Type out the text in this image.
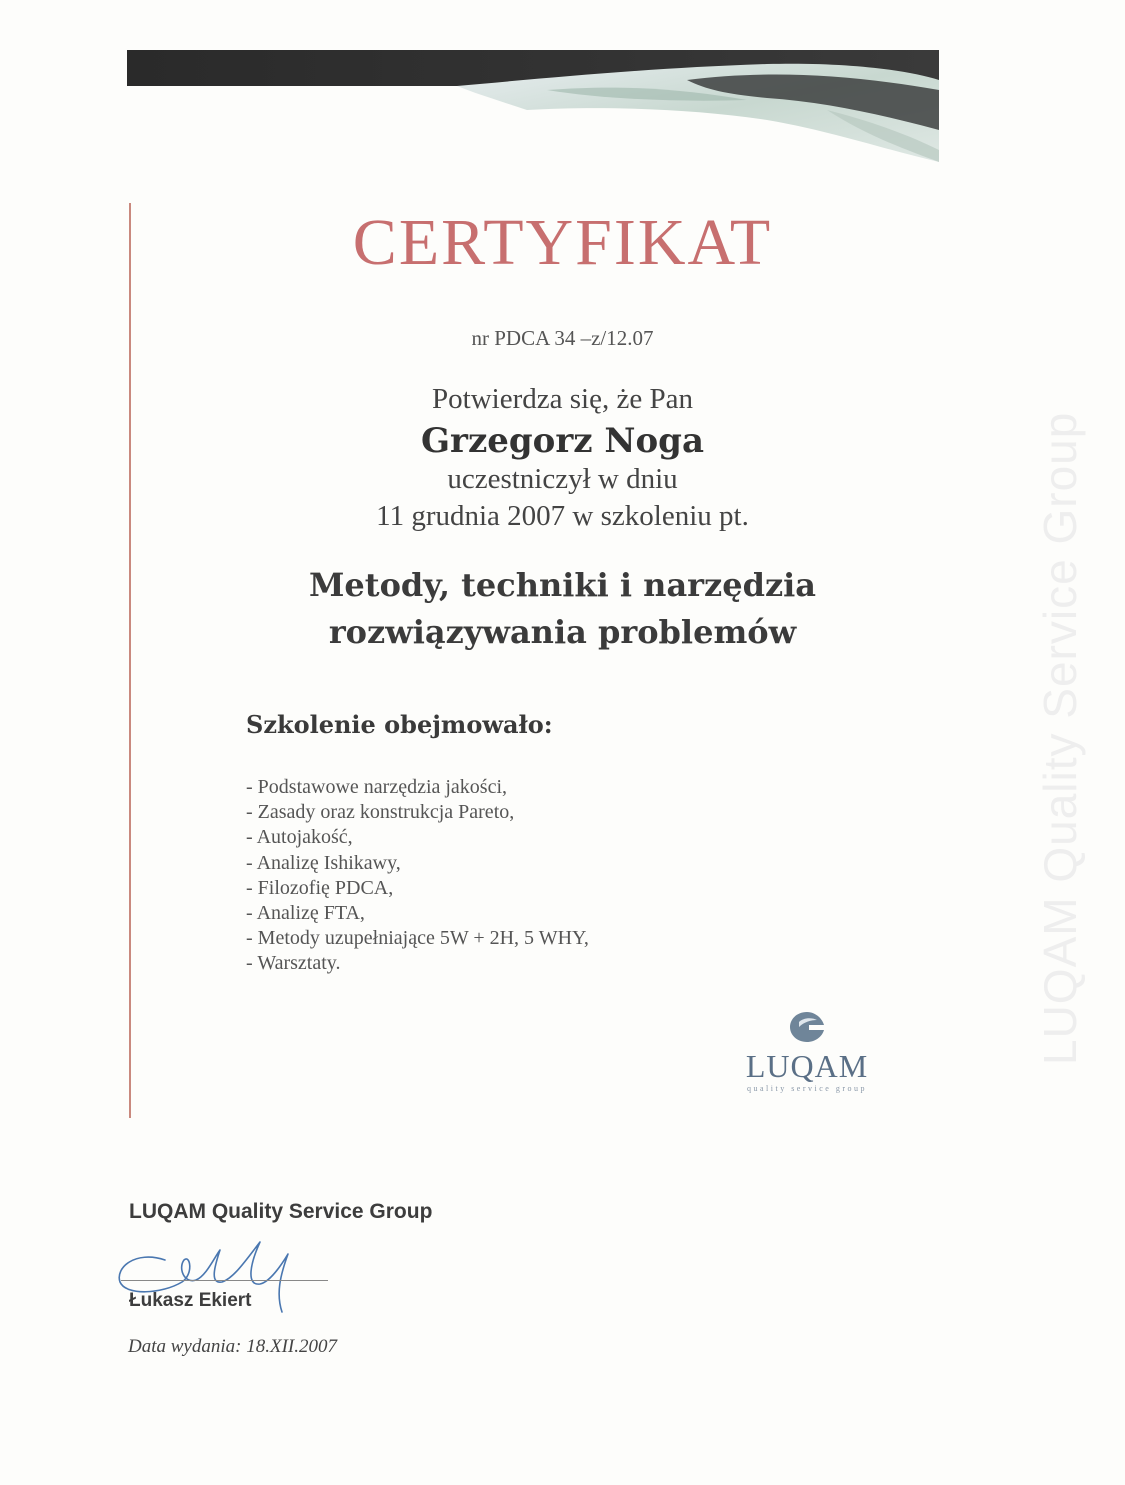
LUQAM Quality Service Group
CERTYFIKAT
nr PDCA 34 –z/12.07
Potwierdza się, że Pan
Grzegorz Noga
uczestniczył w dniu
11 grudnia 2007 w szkoleniu pt.
Metody, techniki i narzędzia
rozwiązywania problemów
Szkolenie obejmowało:
- Podstawowe narzędzia jakości,
- Zasady oraz konstrukcja Pareto,
- Autojakość,
- Analizę Ishikawy,
- Filozofię PDCA,
- Analizę FTA,
- Metody uzupełniające 5W + 2H, 5 WHY,
- Warsztaty.
LUQAM
quality service group
LUQAM Quality Service Group
Łukasz Ekiert
Data wydania: 18.XII.2007
